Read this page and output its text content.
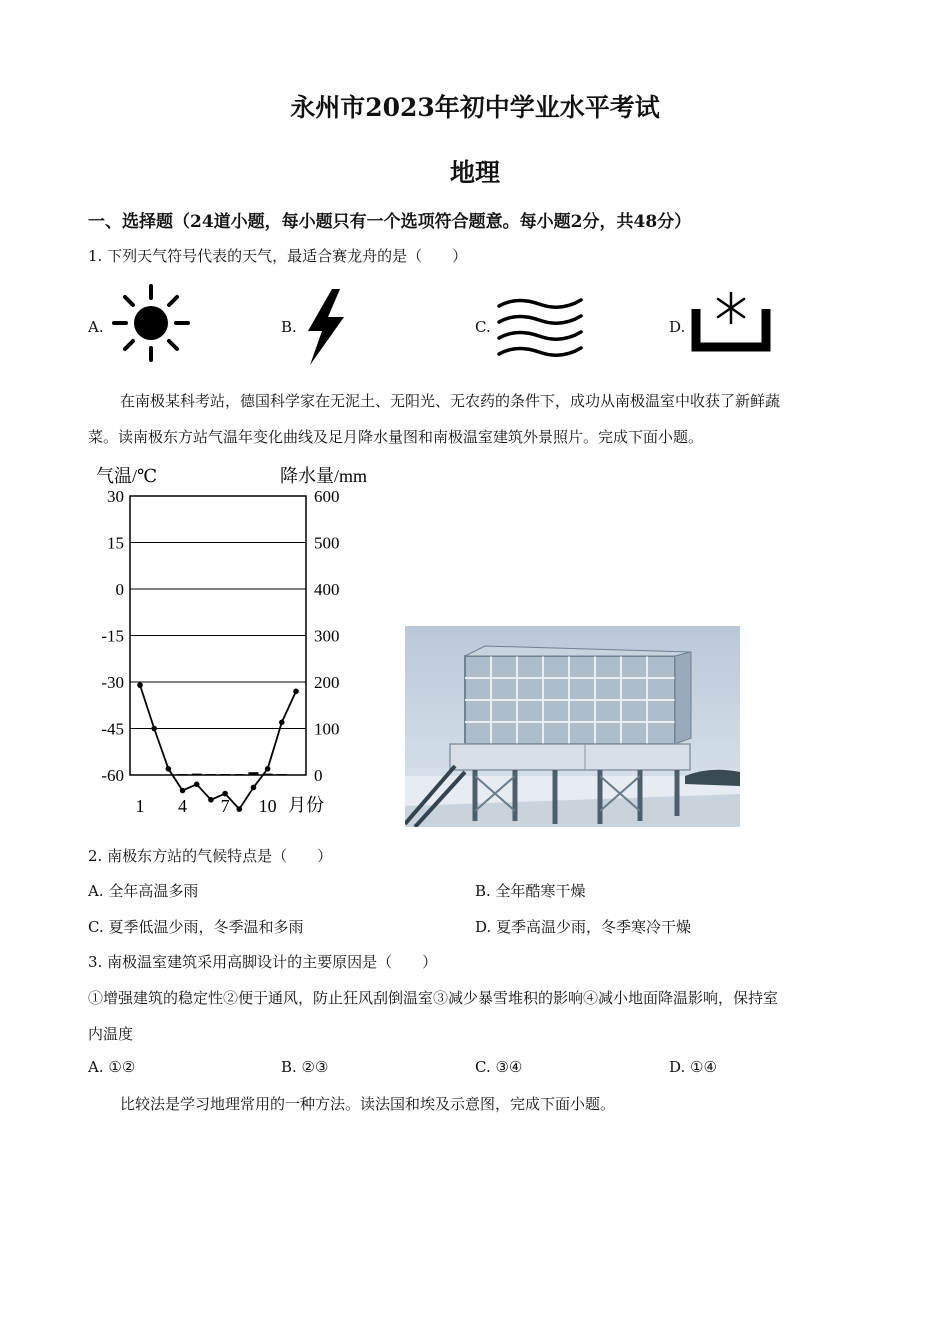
永州市2023年初中学业水平考试
地理
一、选择题（24道小题，每小题只有一个选项符合题意。每小题2分，共48分）
1. 下列天气符号代表的天气，最适合赛龙舟的是（　　）
A.	B.	C.	D.
在南极某科考站，德国科学家在无泥土、无阳光、无农药的条件下，成功从南极温室中收获了新鲜蔬
菜。读南极东方站气温年变化曲线及足月降水量图和南极温室建筑外景照片。完成下面小题。
气温/℃	降水量/mm
30
15
0
-15
-30
-45
-60
600
500
400
300
200
100
0
1 4 7 10 月份
2. 南极东方站的气候特点是（　　）
A. 全年高温多雨	B. 全年酷寒干燥
C. 夏季低温少雨，冬季温和多雨	D. 夏季高温少雨，冬季寒冷干燥
3. 南极温室建筑采用高脚设计的主要原因是（　　）
①增强建筑的稳定性②便于通风，防止狂风刮倒温室③减少暴雪堆积的影响④减小地面降温影响，保持室
内温度
A. ①②	B. ②③	C. ③④	D. ①④
比较法是学习地理常用的一种方法。读法国和埃及示意图，完成下面小题。
